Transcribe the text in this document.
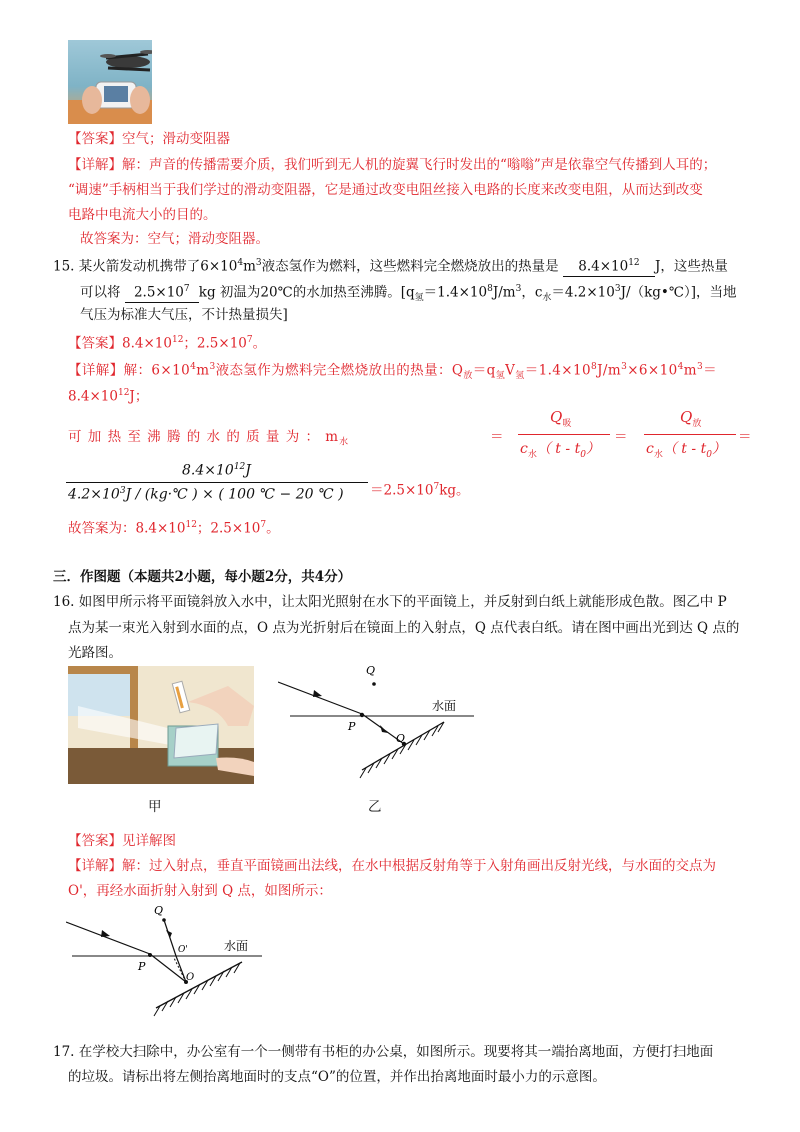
【答案】空气；滑动变阻器
【详解】解：声音的传播需要介质，我们听到无人机的旋翼飞行时发出的“嗡嗡”声是依靠空气传播到人耳的；
“调速”手柄相当于我们学过的滑动变阻器，它是通过改变电阻丝接入电路的长度来改变电阻，从而达到改变
电路中电流大小的目的。
故答案为：空气；滑动变阻器。
15. 某火箭发动机携带了$6\times 10^4m^3$液态氢作为燃料，这些燃料完全燃烧放出的热量是 $8.4\times 10^{12}$ J，这些热量
可以将 $2.5\times 10^7$ kg 初温为20℃的水加热至沸腾。[$q_氢=1.4\times 10^8J/m^3$，$c_水=4.2\times 10^3J/(kg•℃)$]，当地
气压为标准大气压，不计热量损失]
【答案】$8.4\times 10^{12}$；$2.5\times 10^7$。
【详解】解：$6\times 10^4m^3$液态氢作为燃料完全燃烧放出的热量：$Q_放=q_氢V_氢=1.4\times 10^8J/m^3\times 6\times 10^4m^3=$
$8.4\times 10^{12}J$；
可 加 热 至 沸 腾 的 水 的 质 量 为 ： $m_水$	＝
$Q_吸$
$c_水$（ t - $t_0$）
＝
$Q_放$
$c_水$（ t - $t_0$）
＝
$8.4\times 10^{12}J$
$4.2\times 10^3J$ / (kg·℃ ) × ( 100 ℃ − 20 ℃ ) $=2.5\times 10^7kg$。
故答案为：$8.4\times 10^{12}$；$2.5\times 10^7$。
三．作图题（本题共2小题，每小题2分，共4分）
16. 如图甲所示将平面镜斜放入水中，让太阳光照射在水下的平面镜上，并反射到白纸上就能形成色散。图乙中 P
点为某一束光入射到水面的点，O 点为光折射后在镜面上的入射点，Q 点代表白纸。请在图中画出光到达 Q 点的
光路图。
甲
Q
P
O
水面
乙
【答案】见详解图
【详解】解：过入射点，垂直平面镜画出法线，在水中根据反射角等于入射角画出反射光线，与水面的交点为
O'，再经水面折射入射到 Q 点，如图所示：
Q
P
O'
O
水面
17. 在学校大扫除中，办公室有一个一侧带有书柜的办公桌，如图所示。现要将其一端抬离地面，方便打扫地面
的垃圾。请标出将左侧抬离地面时的支点“O”的位置，并作出抬离地面时最小力的示意图。
